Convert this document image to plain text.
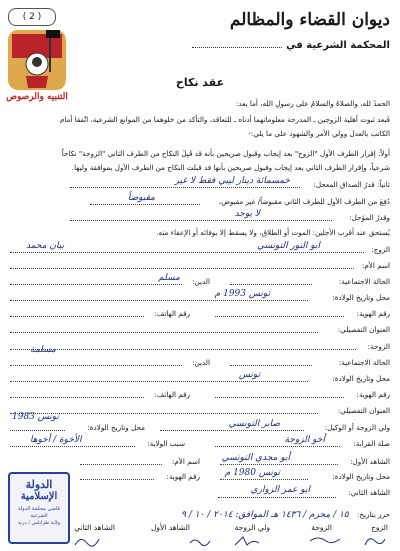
( 2 )
التنبيه والرصوص
ديوان القضاء والمظالم
المحكمة الشرعية في
عقد نكاح
الحمدُ لله، والصلاةُ والسلامُ على رسولِ الله، أما بعد:
فَبعد ثبوت أهلية الزوجين ـ المدرجة معلوماتهما أدناه ـ للتعاقد، والتأكد من خلوهما من الموانع الشرعية، اتّفقا أمام
الكاتب بالعدل وولي الأمر والشهود على ما يلي:-
أولاً: إقرار الطرف الأول "الزوج" بعد إيجاب وقبول صريحين بأنه قد قَبِلَ النكاح من الطرف الثاني "الزوجة" نكاحاً
شرعياً، وإقرار الطرف الثاني بعد إيجاب وقبول صريحين بأنها قد قبلت النكاح من الطرف الأول بموافقة وليها.
ثانياً: قدرُ الصداق المعجل:
خمسمائة دينار ليبي فقط لا غير
دُفِعَ من الطرف الأول للطرف الثاني مقبوضاً/ غير مقبوض،
مقبوضاً
وقدرُ المؤجل:
لا يوجد
يُستحق عند أقرب الأجلين: الموت أو الطلاق، ولا يسقط إلا بوفائه أو الإعفاء منه.
الزوج:
ابو النور التونسي
بيان محمد
اسم الأم:
الحالة الاجتماعية:
الدين:
مسلم
محل وتاريخ الولادة:
تونس 1993 م
رقم الهوية:
رقم الهاتف:
العنوان التفصيلي:
الزوجة:
الحالة الاجتماعية:
الدين:
مسلمة
محل وتاريخ الولادة:
تونس
رقم الهوية:
رقم الهاتف:
العنوان التفصيلي:
ولي الزوجة أو الوكيل:
صابر التونسي
محل وتاريخ الولادة:
تونس 1983
صلة القرابة:
أخو الزوجة
سبب الولاية:
الأخوة / أخوها
الشاهد الأول:
أبو مجدي التونسي
اسم الأم:
محل وتاريخ الولادة:
تونس 1980 م
رقم الهوية:
الشاهد الثاني:
ابو عمر الزواري
حرر بتاريخ: ١٥ / محرم / ١٤٣٦ هـ الموافق: ٢٠١٤ / ١٠ / ٩
الزوج
الزوجة
ولي الزوجة
الشاهد الأول
الشاهد الثاني
الدولة
الإسلامية
قاضي محكمة الدولة الشرعية
ولاية طرابلس / درنة
